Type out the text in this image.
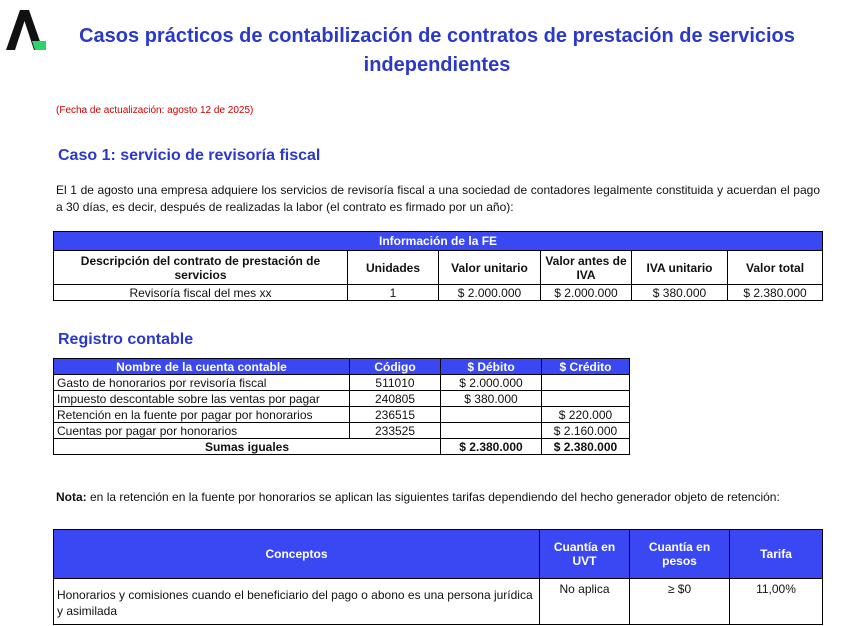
Casos prácticos de contabilización de contratos de prestación de servicios independientes
(Fecha de actualización: agosto 12 de 2025)
Caso 1: servicio de revisoría fiscal
El 1 de agosto una empresa adquiere los servicios de revisoría fiscal a una sociedad de contadores legalmente constituida y acuerdan el pago a 30 días, es decir, después de realizadas la labor (el contrato es firmado por un año):
Información de la FE					
Descripción del contrato de prestación de servicios	Unidades	Valor unitario	Valor antes de IVA	IVA unitario	Valor total
Revisoría fiscal del mes xx	1	$ 2.000.000	$ 2.000.000	$ 380.000	$ 2.380.000
Registro contable
Nombre de la cuenta contable	Código	$ Débito	$ Crédito
Gasto de honorarios por revisoría fiscal	511010	$ 2.000.000	
Impuesto descontable sobre las ventas por pagar	240805	$ 380.000	
Retención en la fuente por pagar por honorarios	236515		$ 220.000
Cuentas por pagar por honorarios	233525		$ 2.160.000
Sumas iguales		$ 2.380.000	$ 2.380.000
Nota: en la retención en la fuente por honorarios se aplican las siguientes tarifas dependiendo del hecho generador objeto de retención:
Conceptos	Cuantía en UVT	Cuantía en pesos	Tarifa
Honorarios y comisiones cuando el beneficiario del pago o abono es una persona jurídica y asimilada	No aplica	≥ $0	11,00%
